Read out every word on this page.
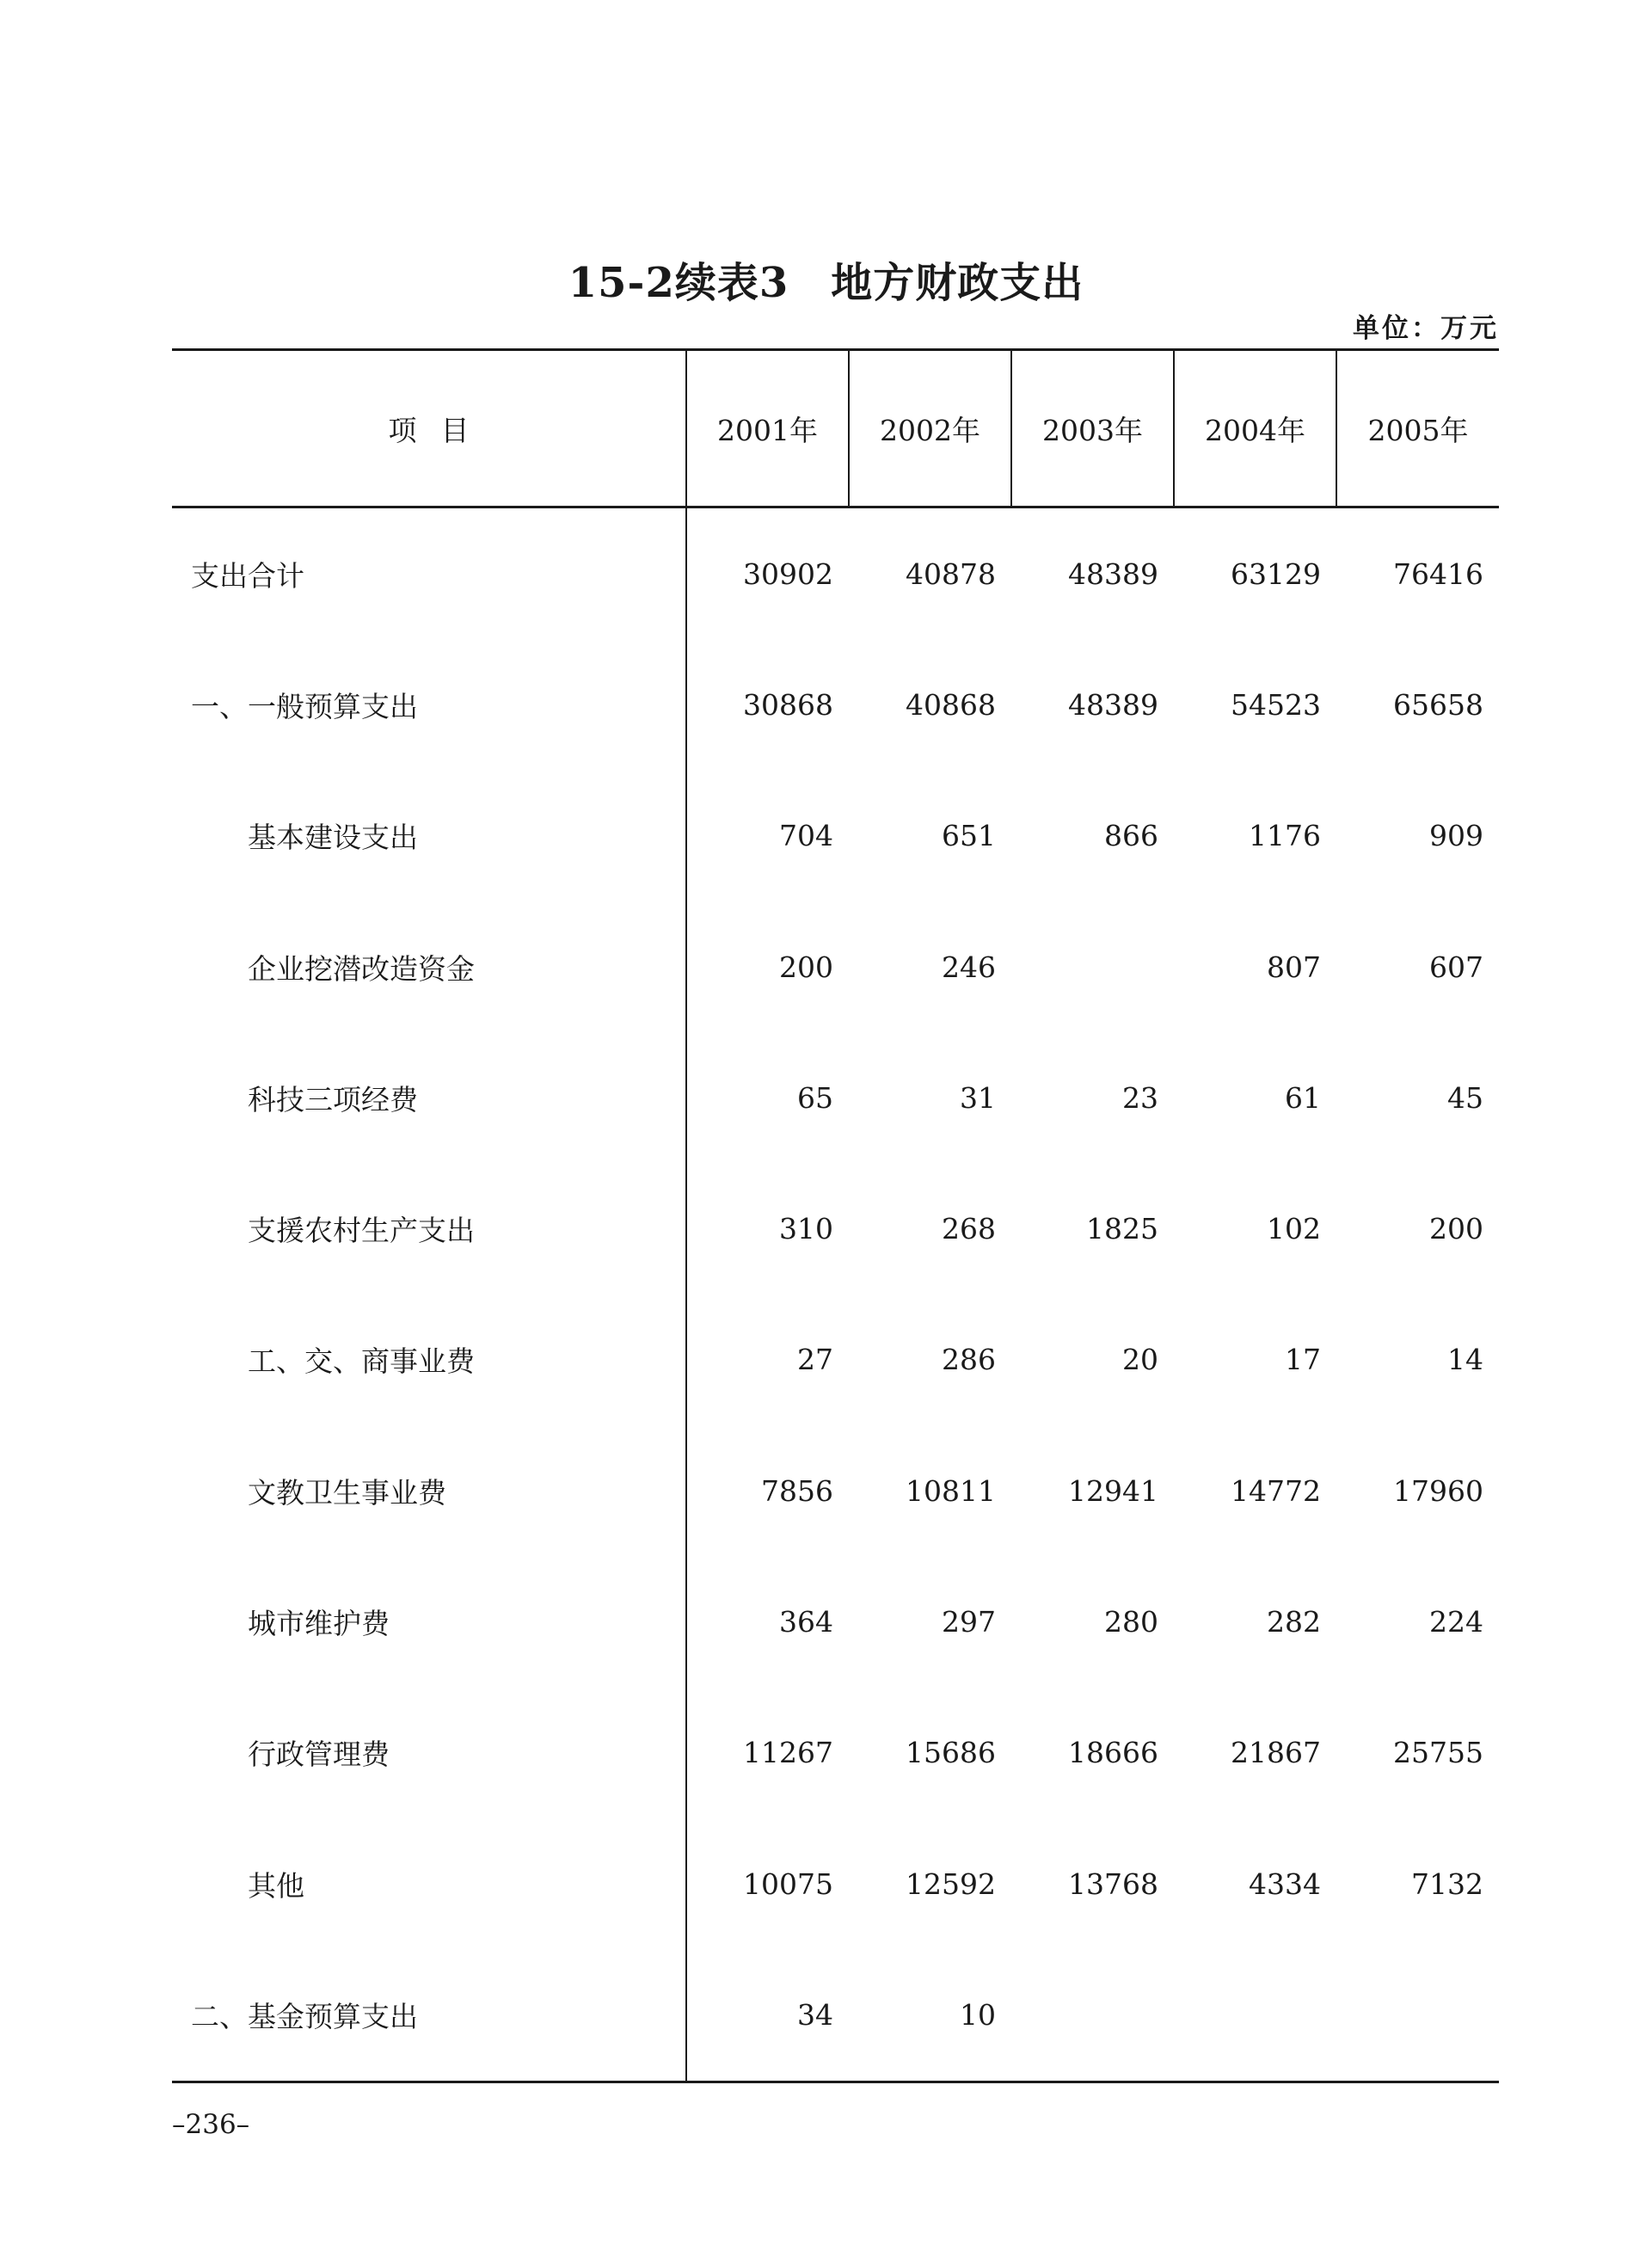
15-2续表3　地方财政支出
单位：万元
项目	2001年	2002年	2003年	2004年	2005年
支出合计	30902	40878	48389	63129	76416
一、一般预算支出	30868	40868	48389	54523	65658
基本建设支出	704	651	866	1176	909
企业挖潜改造资金	200	246		807	607
科技三项经费	65	31	23	61	45
支援农村生产支出	310	268	1825	102	200
工、交、商事业费	27	286	20	17	14
文教卫生事业费	7856	10811	12941	14772	17960
城市维护费	364	297	280	282	224
行政管理费	11267	15686	18666	21867	25755
其他	10075	12592	13768	4334	7132
二、基金预算支出	34	10			
–236–
